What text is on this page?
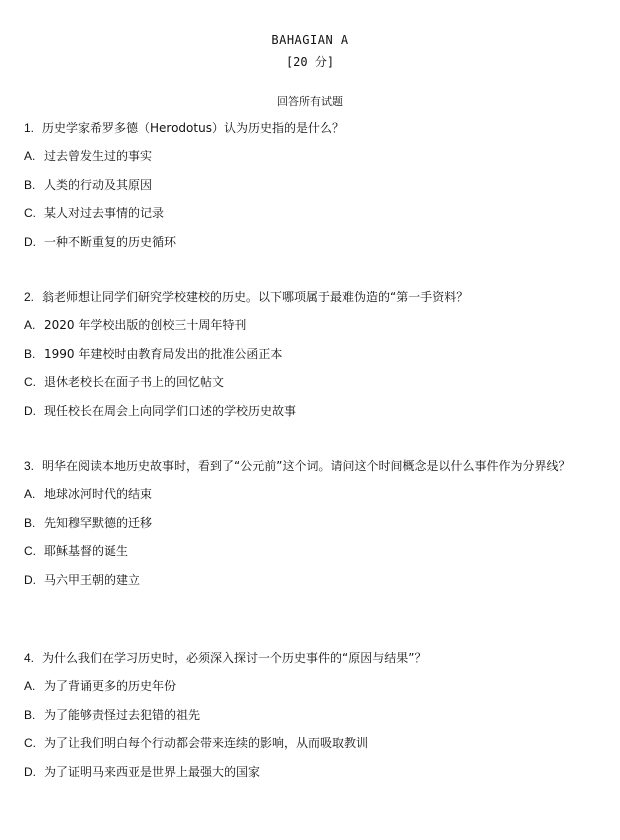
BAHAGIAN A
[20 分]
回答所有试题
1. 历史学家希罗多德（Herodotus）认为历史指的是什么？
A. 过去曾发生过的事实
B. 人类的行动及其原因
C. 某人对过去事情的记录
D. 一种不断重复的历史循环
2. 翁老师想让同学们研究学校建校的历史。以下哪项属于最难伪造的“第一手资料？
A. 2020 年学校出版的创校三十周年特刊
B. 1990 年建校时由教育局发出的批准公函正本
C. 退休老校长在面子书上的回忆帖文
D. 现任校长在周会上向同学们口述的学校历史故事
3. 明华在阅读本地历史故事时，看到了“公元前”这个词。请问这个时间概念是以什么事件作为分界线？
A. 地球冰河时代的结束
B. 先知穆罕默德的迁移
C. 耶稣基督的诞生
D. 马六甲王朝的建立
4. 为什么我们在学习历史时，必须深入探讨一个历史事件的“原因与结果”？
A. 为了背诵更多的历史年份
B. 为了能够责怪过去犯错的祖先
C. 为了让我们明白每个行动都会带来连续的影响，从而吸取教训
D. 为了证明马来西亚是世界上最强大的国家
